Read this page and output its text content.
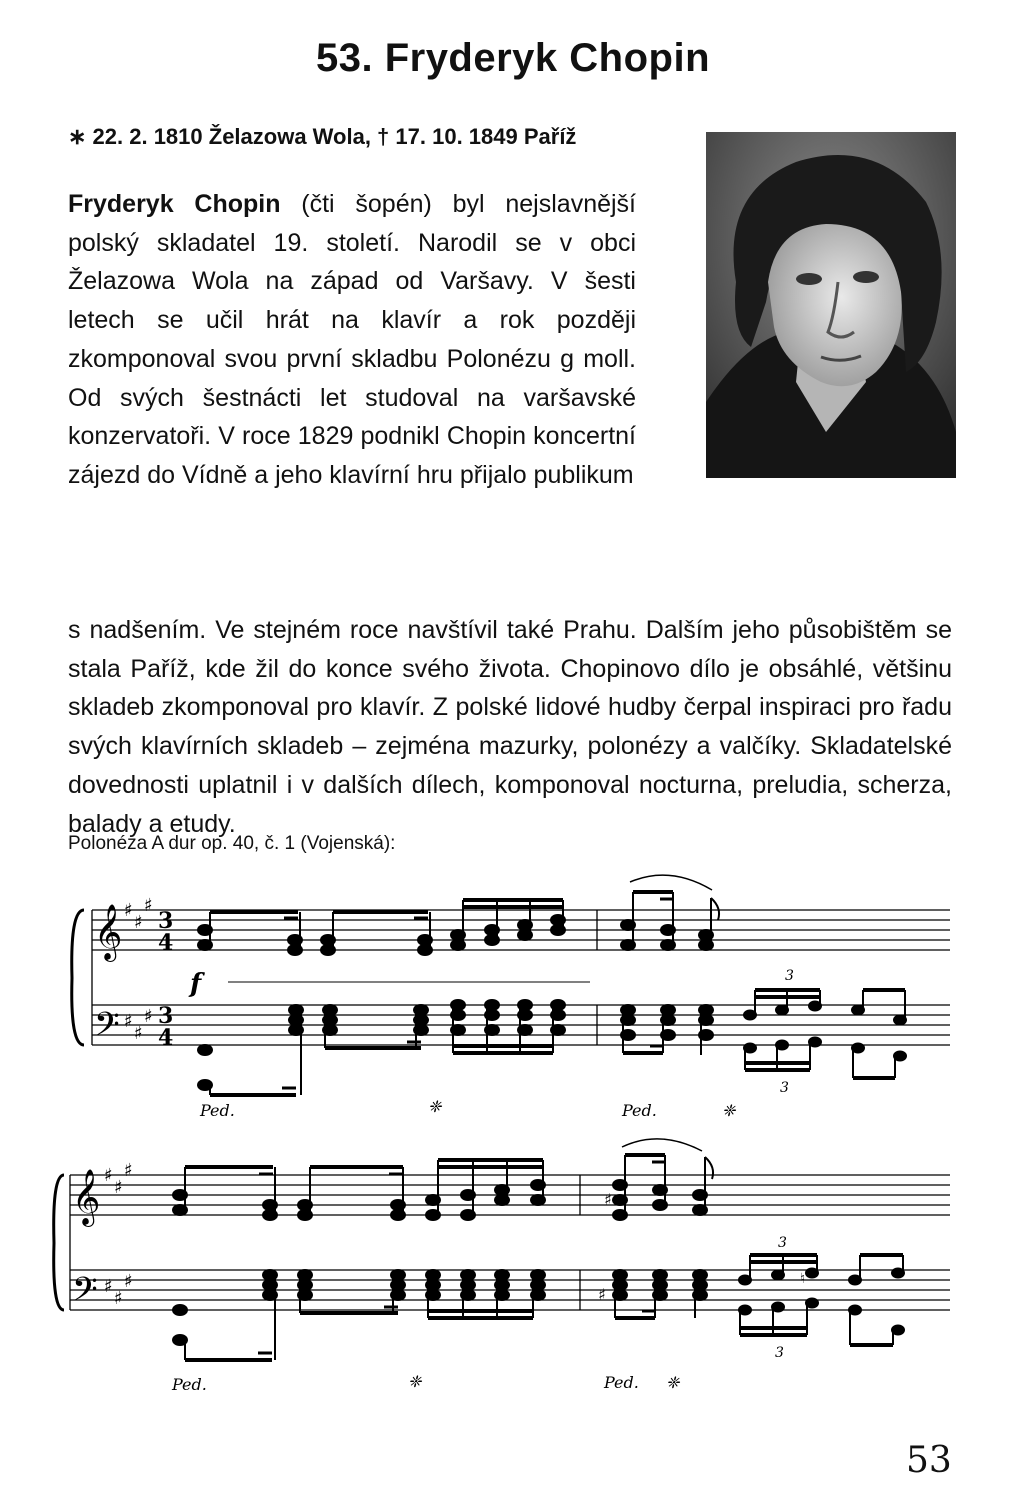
53. Fryderyk Chopin
∗ 22. 2. 1810 Želazowa Wola, † 17. 10. 1849 Paříž

Fryderyk Chopin (čti šopén) byl nejslavnější polský skladatel 19. století. Narodil se v obci Želazowa Wola na západ od Varšavy. V šesti letech se učil hrát na klavír a rok později zkomponoval svou první skladbu Polonézu g moll. Od svých šestnácti let studoval na varšavské konzervatoři. V roce 1829 podnikl Chopin koncertní zájezd do Vídně a jeho klavírní hru přijalo publikum

s nadšením. Ve stejném roce navštívil také Prahu. Dalším jeho působištěm se stala Paříž, kde žil do konce svého života. Chopinovo dílo je obsáhlé, většinu skladeb zkomponoval pro klavír. Z polské lidové hudby čerpal inspiraci pro řadu svých klavírních skladeb – zejména mazurky, polonézy a valčíky. Skladatelské dovednosti uplatnil i v dalších dílech, komponoval nocturna, preludia, scherza, balady a etudy.

Polonéza A dur op. 40, č. 1 (Vojenská):
𝄞
𝄢
♯
♯
♯
♯
♯
♯
3
4
3
4
f	3
3
Ped.	❈	Ped.	❈
𝄞
𝄢
♯
♯
♯
♯
♯
♯
♯
♯
♮
3
3
Ped.	❈	Ped. ❈
53
